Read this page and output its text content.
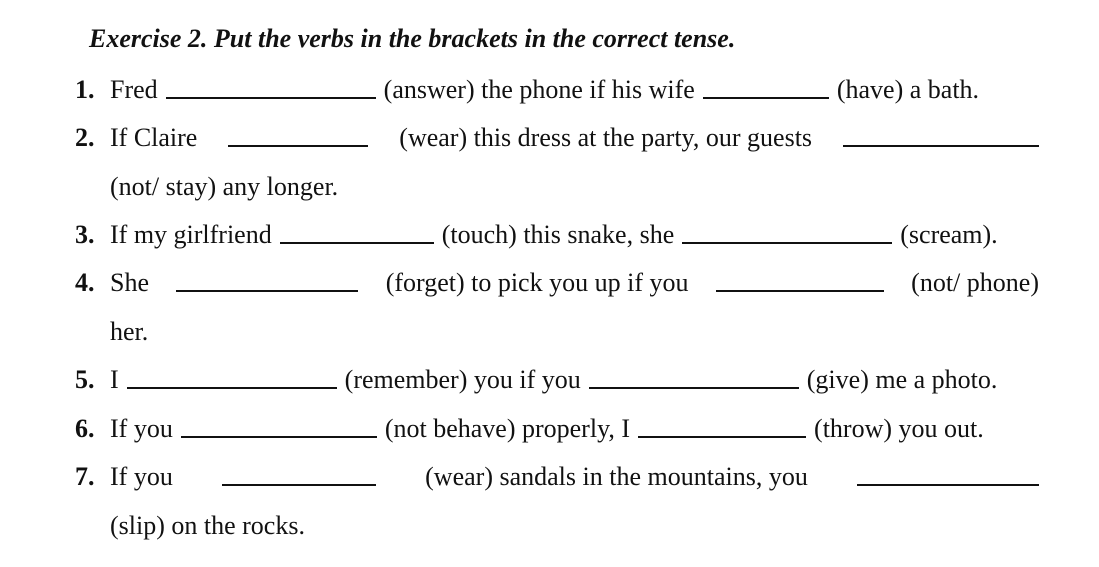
Exercise 2. Put the verbs in the brackets in the correct tense.
1. Fred	(answer) the phone if his wife	(have) a bath.
2. If Claire	(wear) this dress at the party, our guests
(not/ stay) any longer.
3. If my girlfriend	(touch) this snake, she	(scream).
4. She	(forget) to pick you up if you	(not/ phone)
her.
5. I	(remember) you if you	(give) me a photo.
6. If you	(not behave) properly, I	(throw) you out.
7. If you	(wear) sandals in the mountains, you
(slip) on the rocks.
